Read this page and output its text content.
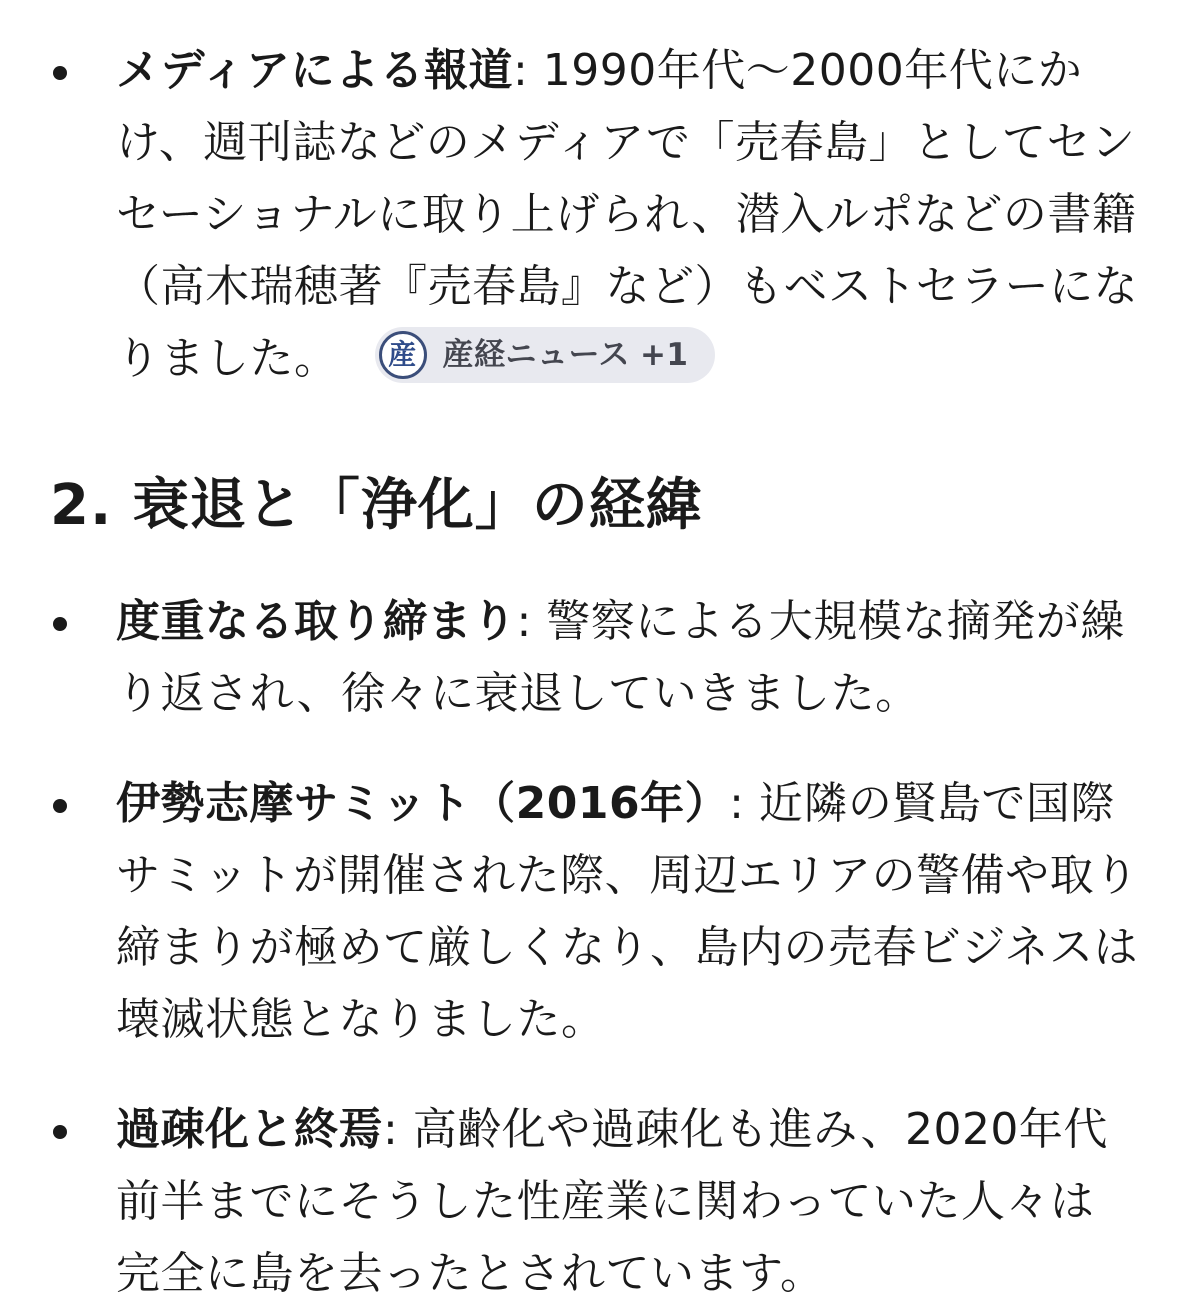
メディアによる報道: 1990年代〜2000年代にかけ、週刊誌などのメディアで「売春島」としてセンセーショナルに取り上げられ、潜入ルポなどの書籍（高木瑞穂著『売春島』など）もベストセラーになりました。 産 産経ニュース +1
2. 衰退と「浄化」の経緯
度重なる取り締まり: 警察による大規模な摘発が繰り返され、徐々に衰退していきました。
伊勢志摩サミット（2016年）: 近隣の賢島で国際サミットが開催された際、周辺エリアの警備や取り締まりが極めて厳しくなり、島内の売春ビジネスは壊滅状態となりました。
過疎化と終焉: 高齢化や過疎化も進み、2020年代前半までにそうした性産業に関わっていた人々は完全に島を去ったとされています。
